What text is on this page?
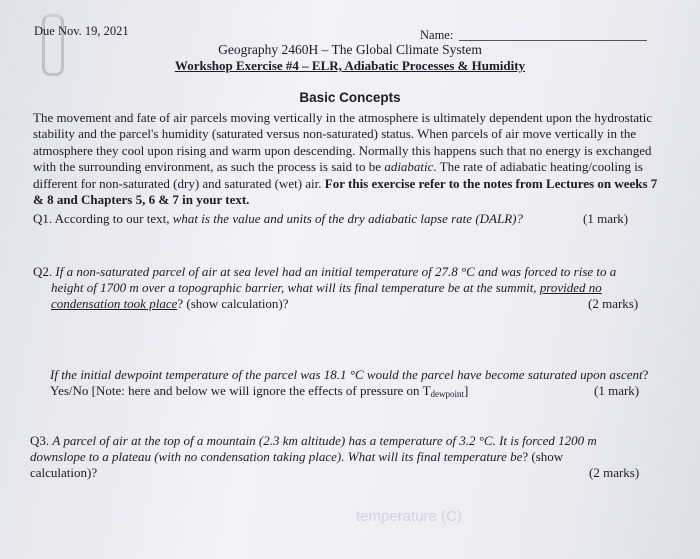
Due Nov. 19, 2021	Name:

Geography 2460H – The Global Climate System

Workshop Exercise #4 – ELR, Adiabatic Processes & Humidity

Basic Concepts

The movement and fate of air parcels moving vertically in the atmosphere is ultimately dependent upon the hydrostatic stability and the parcel's humidity (saturated versus non-saturated) status. When parcels of air move vertically in the atmosphere they cool upon rising and warm upon descending. Normally this happens such that no energy is exchanged with the surrounding environment, as such the process is said to be adiabatic. The rate of adiabatic heating/cooling is different for non-saturated (dry) and saturated (wet) air. For this exercise refer to the notes from Lectures on weeks 7 & 8 and Chapters 5, 6 & 7 in your text.

Q1. According to our text, what is the value and units of the dry adiabatic lapse rate (DALR)?	(1 mark)

Q2. If a non-saturated parcel of air at sea level had an initial temperature of 27.8 °C and was forced to rise to a
height of 1700 m over a topographic barrier, what will its final temperature be at the summit, provided no
condensation took place? (show calculation)?	(2 marks)

If the initial dewpoint temperature of the parcel was 18.1 °C would the parcel have become saturated upon ascent? Yes/No [Note: here and below we will ignore the effects of pressure on $T_{dewpoint}$]	(1 mark)

Q3. A parcel of air at the top of a mountain (2.3 km altitude) has a temperature of 3.2 °C. It is forced 1200 m
downslope to a plateau (with no condensation taking place). What will its final temperature be? (show
calculation)?	(2 marks)
temperature (C)
